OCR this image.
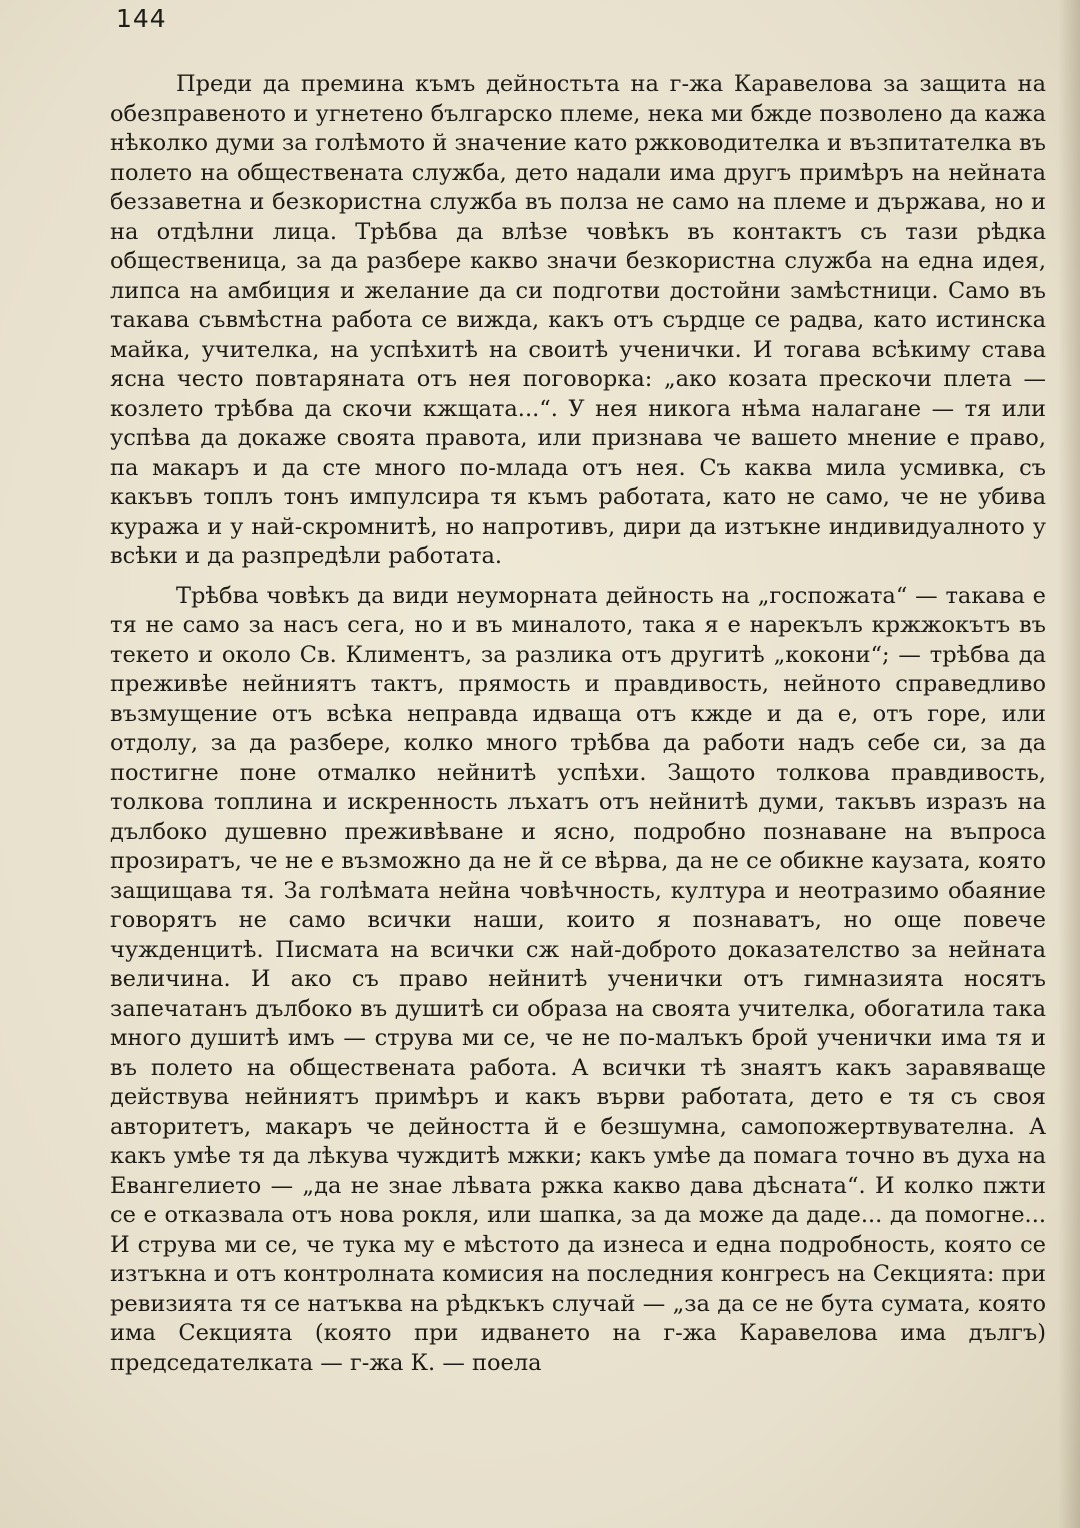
144

Преди да премина къмъ дейностьта на г-жа Каравелова за защита на обезправеното и угнетено българско племе, нека ми бжде позволено да кажа нѣколко думи за голѣмото й значение като ржководителка и възпитателка въ полето на обществената служба, дето надали има другъ примѣръ на нейната беззаветна и безкористна служба въ полза не само на племе и държава, но и на отдѣлни лица. Трѣбва да влѣзе човѣкъ въ контактъ съ тази рѣдка общественица, за да разбере какво значи безкористна служба на една идея, липса на амбиция и желание да си подготви достойни замѣстници. Само въ такава съвмѣстна работа се вижда, какъ отъ сърдце се радва, като истинска майка, учителка, на успѣхитѣ на своитѣ ученички. И тогава всѣкиму става ясна често повтаряната отъ нея поговорка: „ако козата прескочи плета — козлето трѣбва да скочи кжщата...“. У нея никога нѣма налагане — тя или успѣва да докаже своята правота, или признава че вашето мнение е право, па макаръ и да сте много по-млада отъ нея. Съ каква мила усмивка, съ какъвъ топлъ тонъ импулсира тя къмъ работата, като не само, че не убива куража и у най-скромнитѣ, но напротивъ, дири да изтъкне индивидуалното у всѣки и да разпредѣли работата.

Трѣбва човѣкъ да види неуморната дейность на „госпожата“ — такава е тя не само за насъ сега, но и въ миналото, така я е нарекълъ кржжокътъ въ текето и около Св. Климентъ, за разлика отъ другитѣ „кокони“; — трѣбва да преживѣе нейниятъ тактъ, прямость и правдивость, нейното справедливо възмущение отъ всѣка неправда идваща отъ кжде и да е, отъ горе, или отдолу, за да разбере, колко много трѣбва да работи надъ себе си, за да постигне поне отмалко нейнитѣ успѣхи. Защото толкова правдивость, толкова топлина и искренность лъхатъ отъ нейнитѣ думи, такъвъ изразъ на дълбоко душевно преживѣване и ясно, подробно познаване на въпроса прозиратъ, че не е възможно да не й се вѣрва, да не се обикне каузата, която защищава тя. За голѣмата нейна човѣчность, култура и неотразимо обаяние говорятъ не само всички наши, които я познаватъ, но още повече чужденцитѣ. Писмата на всички сж най-доброто доказателство за нейната величина. И ако съ право нейнитѣ ученички отъ гимназията носятъ запечатанъ дълбоко въ душитѣ си образа на своята учителка, обогатила така много душитѣ имъ — струва ми се, че не по-малъкъ брой ученички има тя и въ полето на обществената работа. А всички тѣ знаятъ какъ заравяваще действува нейниятъ примѣръ и какъ върви работата, дето е тя съ своя авторитетъ, макаръ че дейността й е безшумна, самопожертвувателна. А какъ умѣе тя да лѣкува чуждитѣ мжки; какъ умѣе да помага точно въ духа на Евангелието — „да не знае лѣвата ржка какво дава дѣсната“. И колко пжти се е отказвала отъ нова рокля, или шапка, за да може да даде... да помогне... И струва ми се, че тука му е мѣстото да изнеса и една подробность, която се изтъкна и отъ контролната комисия на последния конгресъ на Секцията: при ревизията тя се натъква на рѣдкъкъ случай — „за да се не бута сумата, която има Секцията (която при идването на г-жа Каравелова има дългъ) председателката — г-жа К. — поела
